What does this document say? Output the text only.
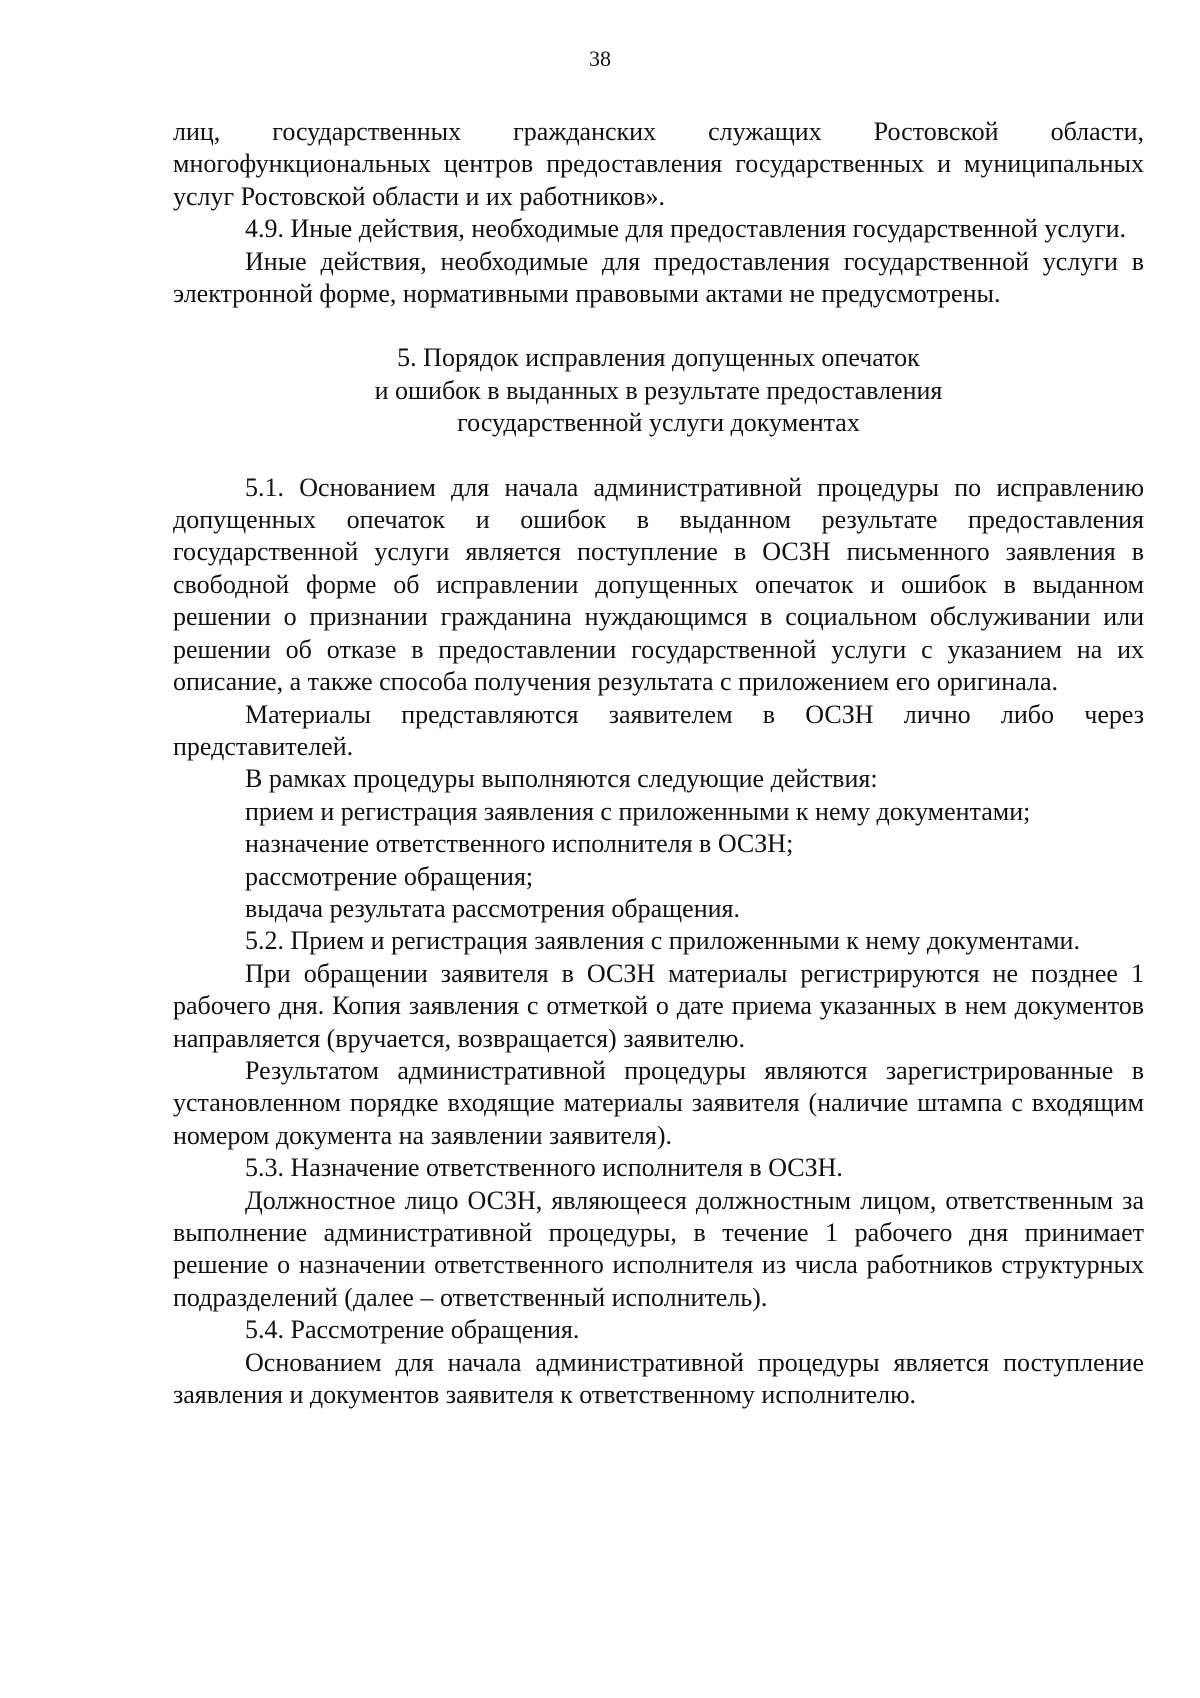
38

лиц, государственных гражданских служащих Ростовской области, многофункциональных центров предоставления государственных и муниципальных услуг Ростовской области и их работников».

4.9. Иные действия, необходимые для предоставления государственной услуги.

Иные действия, необходимые для предоставления государственной услуги в электронной форме, нормативными правовыми актами не предусмотрены.

5. Порядок исправления допущенных опечаток
и ошибок в выданных в результате предоставления
государственной услуги документах

5.1. Основанием для начала административной процедуры по исправлению допущенных опечаток и ошибок в выданном результате предоставления государственной услуги является поступление в ОСЗН письменного заявления в свободной форме об исправлении допущенных опечаток и ошибок в выданном решении о признании гражданина нуждающимся в социальном обслуживании или решении об отказе в предоставлении государственной услуги с указанием на их описание, а также способа получения результата с приложением его оригинала.

Материалы представляются заявителем в ОСЗН лично либо через представителей.

В рамках процедуры выполняются следующие действия:

прием и регистрация заявления с приложенными к нему документами;

назначение ответственного исполнителя в ОСЗН;

рассмотрение обращения;

выдача результата рассмотрения обращения.

5.2. Прием и регистрация заявления с приложенными к нему документами.

При обращении заявителя в ОСЗН материалы регистрируются не позднее 1 рабочего дня. Копия заявления с отметкой о дате приема указанных в нем документов направляется (вручается, возвращается) заявителю.

Результатом административной процедуры являются зарегистрированные в установленном порядке входящие материалы заявителя (наличие штампа с входящим номером документа на заявлении заявителя).

5.3. Назначение ответственного исполнителя в ОСЗН.

Должностное лицо ОСЗН, являющееся должностным лицом, ответственным за выполнение административной процедуры, в течение 1 рабочего дня принимает решение о назначении ответственного исполнителя из числа работников структурных подразделений (далее – ответственный исполнитель).

5.4. Рассмотрение обращения.

Основанием для начала административной процедуры является поступление заявления и документов заявителя к ответственному исполнителю.
